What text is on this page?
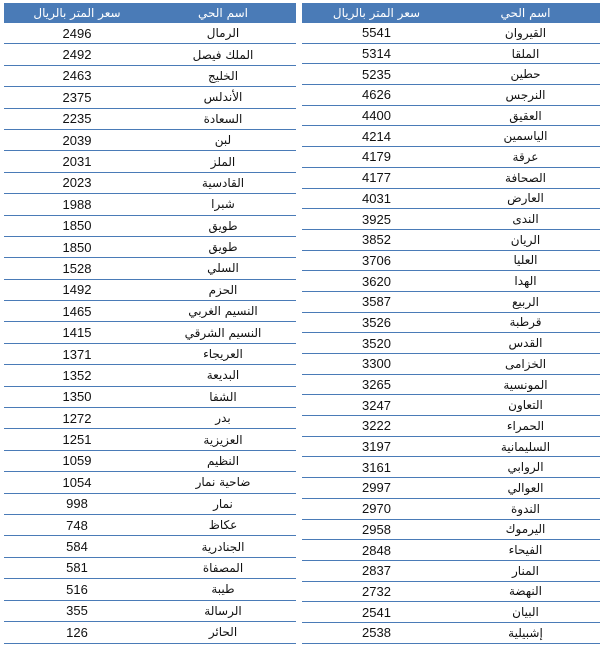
سعر المتر بالريال	اسم الحي
2496	الرمال
2492	الملك فيصل
2463	الخليج
2375	الأندلس
2235	السعادة
2039	لبن
2031	الملز
2023	القادسية
1988	شبرا
1850	طويق
1850	طويق
1528	السلي
1492	الحزم
1465	النسيم الغربي
1415	النسيم الشرقي
1371	العريجاء
1352	البديعة
1350	الشفا
1272	بدر
1251	العزيزية
1059	النظيم
1054	ضاحية نمار
998	نمار
748	عكاظ
584	الجنادرية
581	المصفاة
516	طيبة
355	الرسالة
126	الحائر
سعر المتر بالريال	اسم الحي
5541	القيروان
5314	الملقا
5235	حطين
4626	النرجس
4400	العقيق
4214	الياسمين
4179	عرقة
4177	الصحافة
4031	العارض
3925	الندى
3852	الريان
3706	العليا
3620	الهدا
3587	الربيع
3526	قرطبة
3520	القدس
3300	الخزامى
3265	المونسية
3247	التعاون
3222	الحمراء
3197	السليمانية
3161	الروابي
2997	العوالي
2970	الندوة
2958	اليرموك
2848	الفيحاء
2837	المنار
2732	النهضة
2541	البيان
2538	إشبيلية
